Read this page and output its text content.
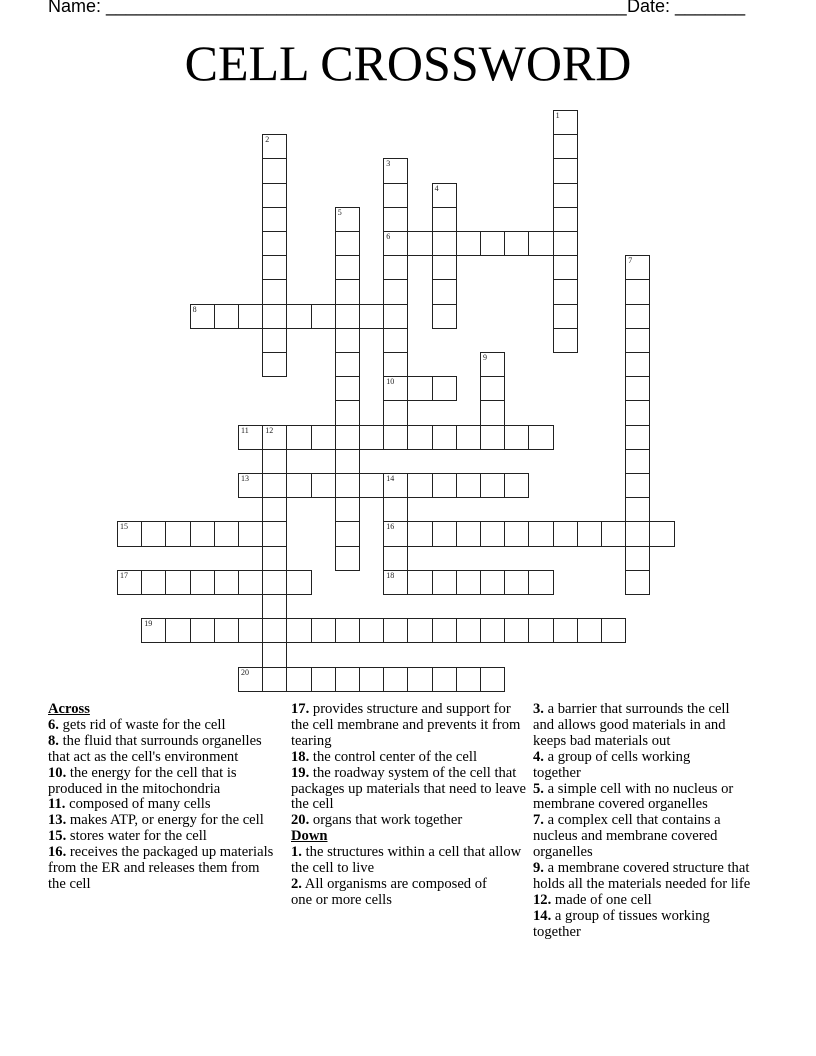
Name: ____________________________________________________ Date: _______
CELL CROSSWORD
1
2
3
6
10
4
5
7
8
9
11 12
13	14
16
18
15
17
19
20
Across
6. gets rid of waste for the cell
8. the fluid that surrounds organelles that act as the cell's environment
10. the energy for the cell that is produced in the mitochondria
11. composed of many cells
13. makes ATP, or energy for the cell
15. stores water for the cell
16. receives the packaged up materials from the ER and releases them from the cell
17. provides structure and support for the cell membrane and prevents it from tearing
18. the control center of the cell
19. the roadway system of the cell that packages up materials that need to leave the cell
20. organs that work together
Down
1. the structures within a cell that allow the cell to live
2. All organisms are composed of one or more cells
3. a barrier that surrounds the cell and allows good materials in and keeps bad materials out
4. a group of cells working together
5. a simple cell with no nucleus or membrane covered organelles
7. a complex cell that contains a nucleus and membrane covered organelles
9. a membrane covered structure that holds all the materials needed for life
12. made of one cell
14. a group of tissues working together
